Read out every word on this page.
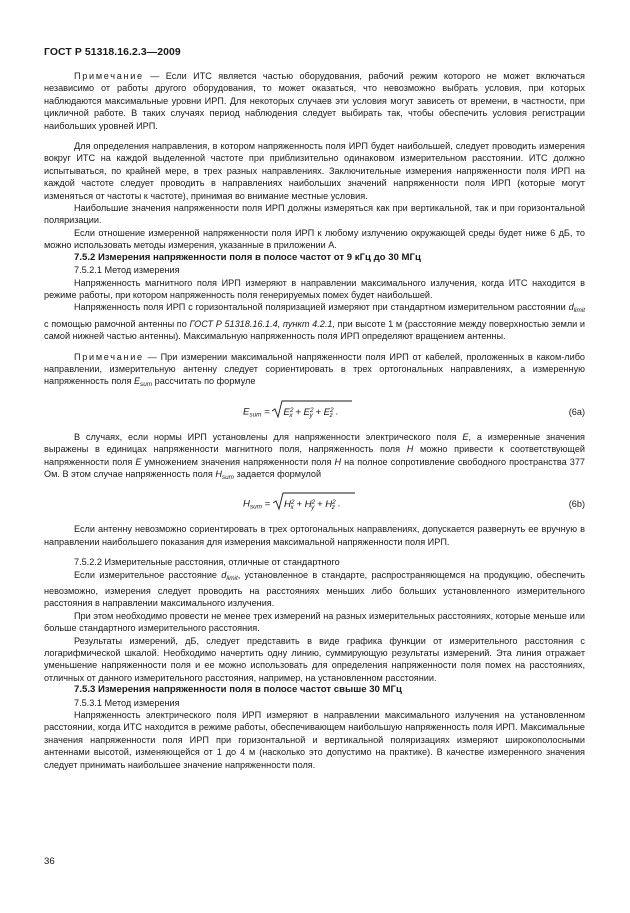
ГОСТ Р 51318.16.2.3—2009

Примечание — Если ИТС является частью оборудования, рабочий режим которого не может включаться независимо от работы другого оборудования, то может оказаться, что невозможно выбрать условия, при которых наблюдаются максимальные уровни ИРП. Для некоторых случаев эти условия могут зависеть от времени, в частности, при цикличной работе. В таких случаях период наблюдения следует выбирать так, чтобы обеспечить условия регистрации наибольших уровней ИРП.

Для определения направления, в котором напряженность поля ИРП будет наибольшей, следует проводить измерения вокруг ИТС на каждой выделенной частоте при приблизительно одинаковом измерительном расстоянии. ИТС должно испытываться, по крайней мере, в трех разных направлениях. Заключительные измерения напряженности поля ИРП на каждой частоте следует проводить в направлениях наибольших значений напряженности поля ИРП (которые могут изменяться от частоты к частоте), принимая во внимание местные условия.

Наибольшие значения напряженности поля ИРП должны измеряться как при вертикальной, так и при горизонтальной поляризации.

Если отношение измеренной напряженности поля ИРП к любому излучению окружающей среды будет ниже 6 дБ, то можно использовать методы измерения, указанные в приложении А.

7.5.2 Измерения напряженности поля в полосе частот от 9 кГц до 30 МГц

7.5.2.1 Метод измерения

Напряженность магнитного поля ИРП измеряют в направлении максимального излучения, когда ИТС находится в режиме работы, при котором напряженность поля генерируемых помех будет наибольшей.

Напряженность поля ИРП с горизонтальной поляризацией измеряют при стандартном измерительном расстоянии $d_{limit}$ с помощью рамочной антенны по ГОСТ Р 51318.16.1.4, пункт 4.2.1, при высоте 1 м (расстояние между поверхностью земли и самой нижней частью антенны). Максимальную напряженность поля ИРП определяют вращением антенны.

Примечание — При измерении максимальной напряженности поля ИРП от кабелей, проложенных в каком-либо направлении, измерительную антенну следует сориентировать в трех ортогональных направлениях, а измеренную напряженность поля $E_{sum}$ рассчитать по формуле

$E_{sum}$ =
$E^2_x + E^2_y + E^2_z$ .	(6a)

В случаях, если нормы ИРП установлены для напряженности электрического поля E, а измеренные значения выражены в единицах напряженности магнитного поля, напряженность поля H можно привести к соответствующей напряженности поля E умножением значения напряженности поля H на полное сопротивление свободного пространства 377 Ом. В этом случае напряженность поля $H_{sum}$ задается формулой

$H_{sum}$ =
$H^2_x + H^2_y + H^2_z$ .	(6b)

Если антенну невозможно сориентировать в трех ортогональных направлениях, допускается развернуть ее вручную в направлении наибольшего показания для измерения максимальной напряженности поля ИРП.

7.5.2.2 Измерительные расстояния, отличные от стандартного

Если измерительное расстояние $d_{limit}$, установленное в стандарте, распространяющемся на продукцию, обеспечить невозможно, измерения следует проводить на расстояниях меньших либо больших установленного измерительного расстояния в направлении максимального излучения.

При этом необходимо провести не менее трех измерений на разных измерительных расстояниях, которые меньше или больше стандартного измерительного расстояния.

Результаты измерений, дБ, следует представить в виде графика функции от измерительного расстояния с логарифмической шкалой. Необходимо начертить одну линию, суммирующую результаты измерений. Эта линия отражает уменьшение напряженности поля и ее можно использовать для определения напряженности поля помех на расстояниях, отличных от данного измерительного расстояния, например, на установленном расстоянии.

7.5.3 Измерения напряженности поля в полосе частот свыше 30 МГц

7.5.3.1 Метод измерения

Напряженность электрического поля ИРП измеряют в направлении максимального излучения на установленном расстоянии, когда ИТС находится в режиме работы, обеспечивающем наибольшую напряженность поля ИРП. Максимальные значения напряженности поля ИРП при горизонтальной и вертикальной поляризациях измеряют широкополосными антеннами высотой, изменяющейся от 1 до 4 м (насколько это допустимо на практике). В качестве измеренного значения следует принимать наибольшее значение напряженности поля.

36
